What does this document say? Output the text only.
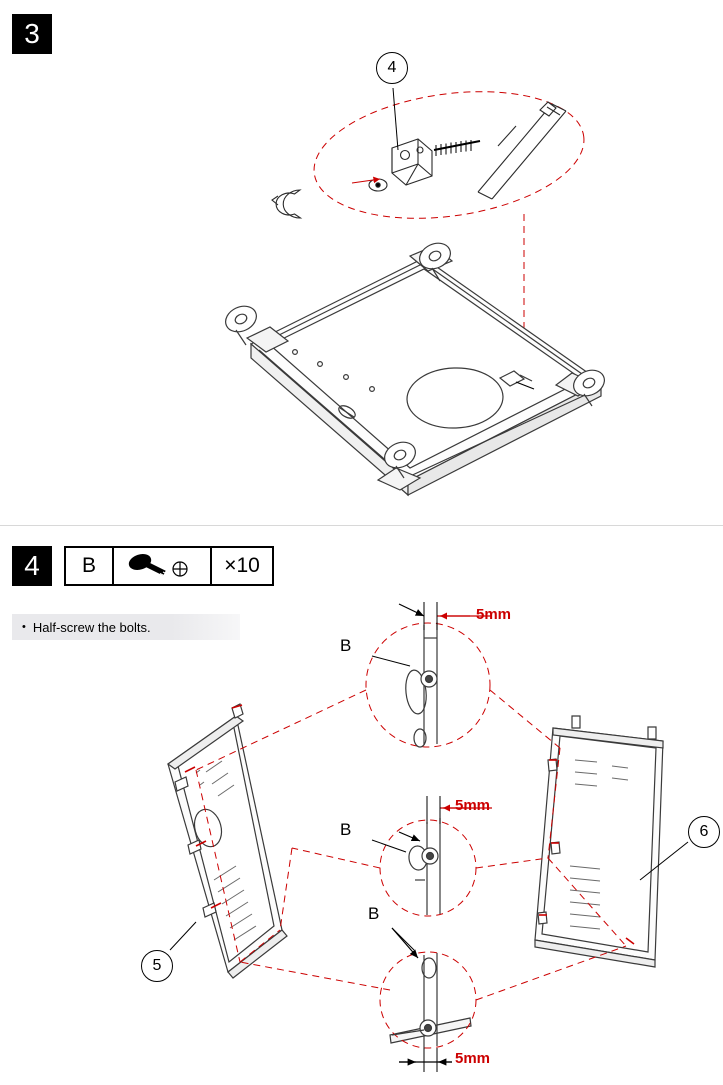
3
4
4	B	×10
• Half-screw the bolts.
B
B
B
5mm
5mm
5mm
5
6
